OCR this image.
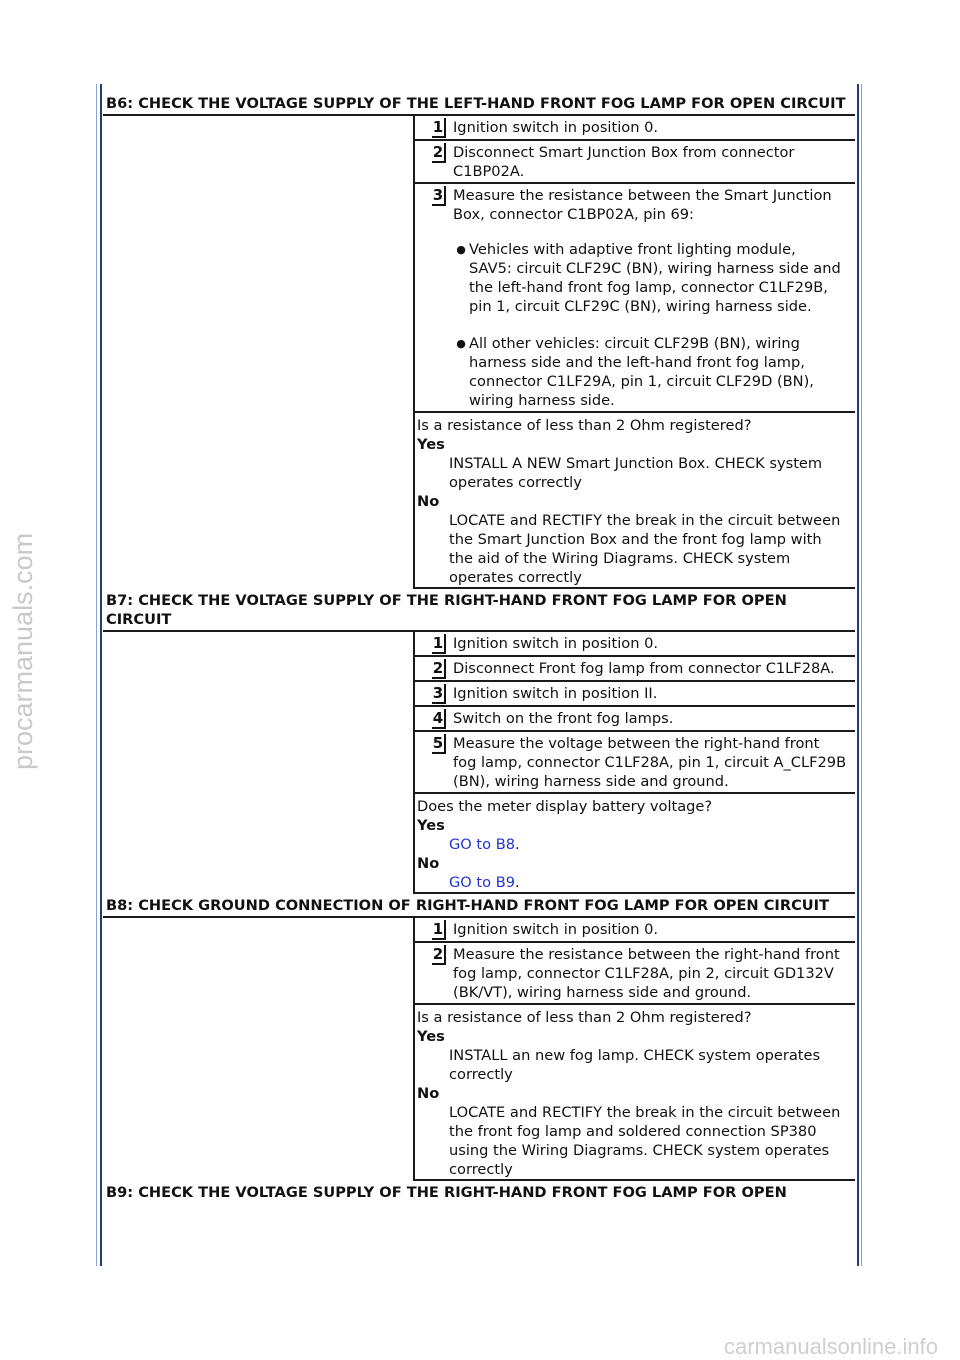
procarmanuals.com
carmanualsonline.info
B6: CHECK THE VOLTAGE SUPPLY OF THE LEFT-HAND FRONT FOG LAMP FOR OPEN CIRCUIT
1 Ignition switch in position 0.
2 Disconnect Smart Junction Box from connector C1BP02A.
3 Measure the resistance between the Smart Junction Box, connector C1BP02A, pin 69:
● Vehicles with adaptive front lighting module, SAV5: circuit CLF29C (BN), wiring harness side and the left-hand front fog lamp, connector C1LF29B, pin 1, circuit CLF29C (BN), wiring harness side.
● All other vehicles: circuit CLF29B (BN), wiring harness side and the left-hand front fog lamp, connector C1LF29A, pin 1, circuit CLF29D (BN), wiring harness side.
Is a resistance of less than 2 Ohm registered?
Yes
INSTALL A NEW Smart Junction Box. CHECK system operates correctly
No
LOCATE and RECTIFY the break in the circuit between the Smart Junction Box and the front fog lamp with the aid of the Wiring Diagrams. CHECK system operates correctly
B7: CHECK THE VOLTAGE SUPPLY OF THE RIGHT-HAND FRONT FOG LAMP FOR OPEN CIRCUIT
1 Ignition switch in position 0.
2 Disconnect Front fog lamp from connector C1LF28A.
3 Ignition switch in position II.
4 Switch on the front fog lamps.
5 Measure the voltage between the right-hand front fog lamp, connector C1LF28A, pin 1, circuit A_CLF29B (BN), wiring harness side and ground.
Does the meter display battery voltage?
Yes
GO to B8.
No
GO to B9.
B8: CHECK GROUND CONNECTION OF RIGHT-HAND FRONT FOG LAMP FOR OPEN CIRCUIT
1 Ignition switch in position 0.
2 Measure the resistance between the right-hand front fog lamp, connector C1LF28A, pin 2, circuit GD132V (BK/VT), wiring harness side and ground.
Is a resistance of less than 2 Ohm registered?
Yes
INSTALL an new fog lamp. CHECK system operates correctly
No
LOCATE and RECTIFY the break in the circuit between the front fog lamp and soldered connection SP380 using the Wiring Diagrams. CHECK system operates correctly
B9: CHECK THE VOLTAGE SUPPLY OF THE RIGHT-HAND FRONT FOG LAMP FOR OPEN
